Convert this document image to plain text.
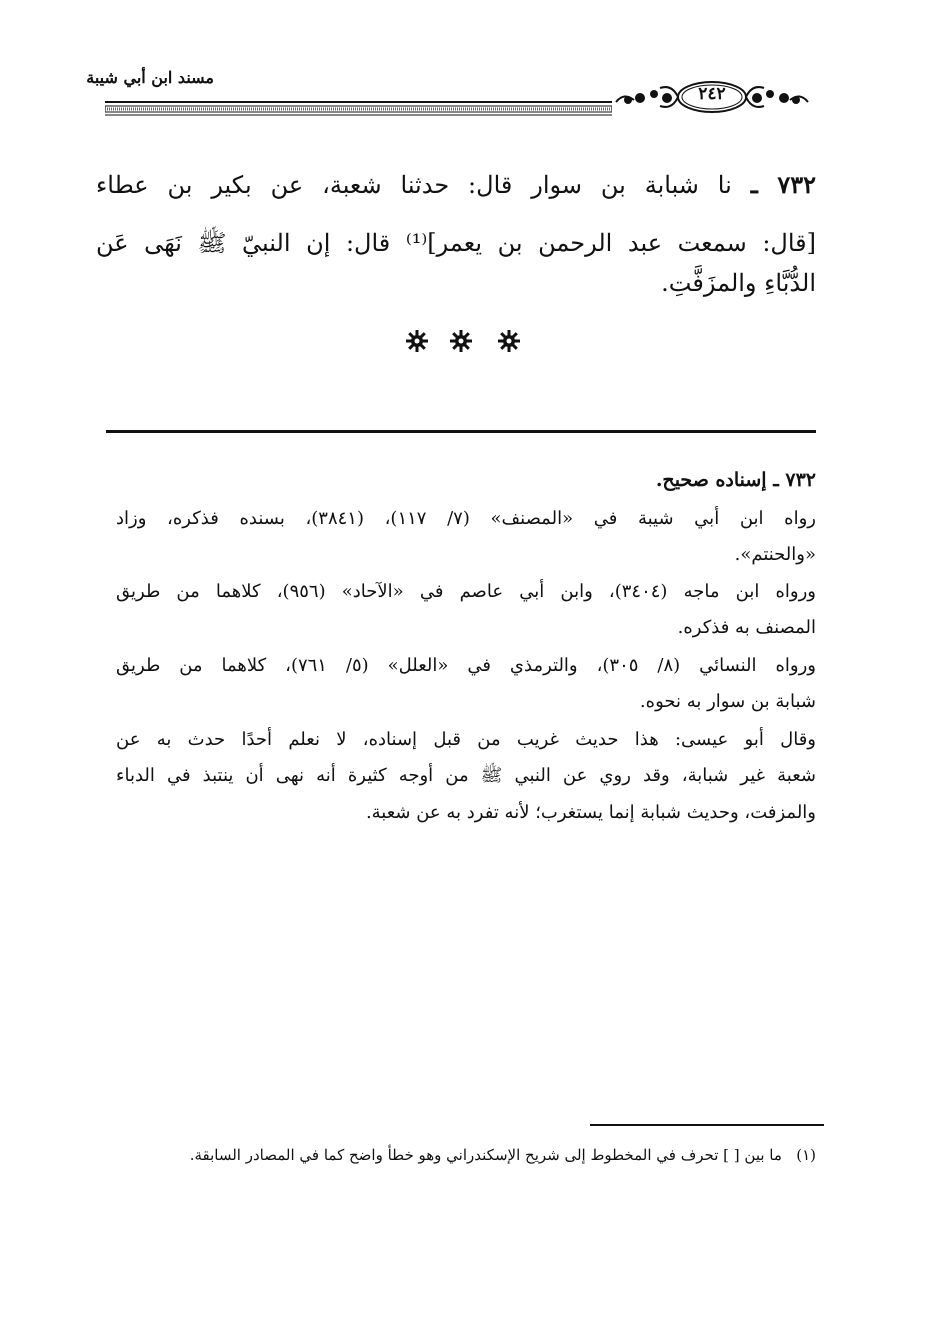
مسند ابن أبي شيبة
٢٤٢
٧٣٢ ـ نا شبابة بن سوار قال: حدثنا شعبة، عن بكير بن عطاء
[قال: سمعت عبد الرحمن بن يعمر]⁽¹⁾ قال: إن النبيّ ﷺ نَهَى عَن
الدُّبَّاءِ والمزَفَّتِ.
٧٣٢ ـ إسناده صحيح.
رواه ابن أبي شيبة في «المصنف» (٧/ ١١٧)، (٣٨٤١)، بسنده فذكره، وزاد
«والحنتم».
ورواه ابن ماجه (٣٤٠٤)، وابن أبي عاصم في «الآحاد» (٩٥٦)، كلاهما من طريق
المصنف به فذكره.
ورواه النسائي (٨/ ٣٠٥)، والترمذي في «العلل» (٥/ ٧٦١)، كلاهما من طريق
شبابة بن سوار به نحوه.
وقال أبو عيسى: هذا حديث غريب من قبل إسناده، لا نعلم أحدًا حدث به عن
شعبة غير شبابة، وقد روي عن النبي ﷺ من أوجه كثيرة أنه نهى أن ينتبذ في الدباء
والمزفت، وحديث شبابة إنما يستغرب؛ لأنه تفرد به عن شعبة.
(١)   ما بين [ ] تحرف في المخطوط إلى شريح الإسكندراني وهو خطأ واضح كما في المصادر السابقة.
